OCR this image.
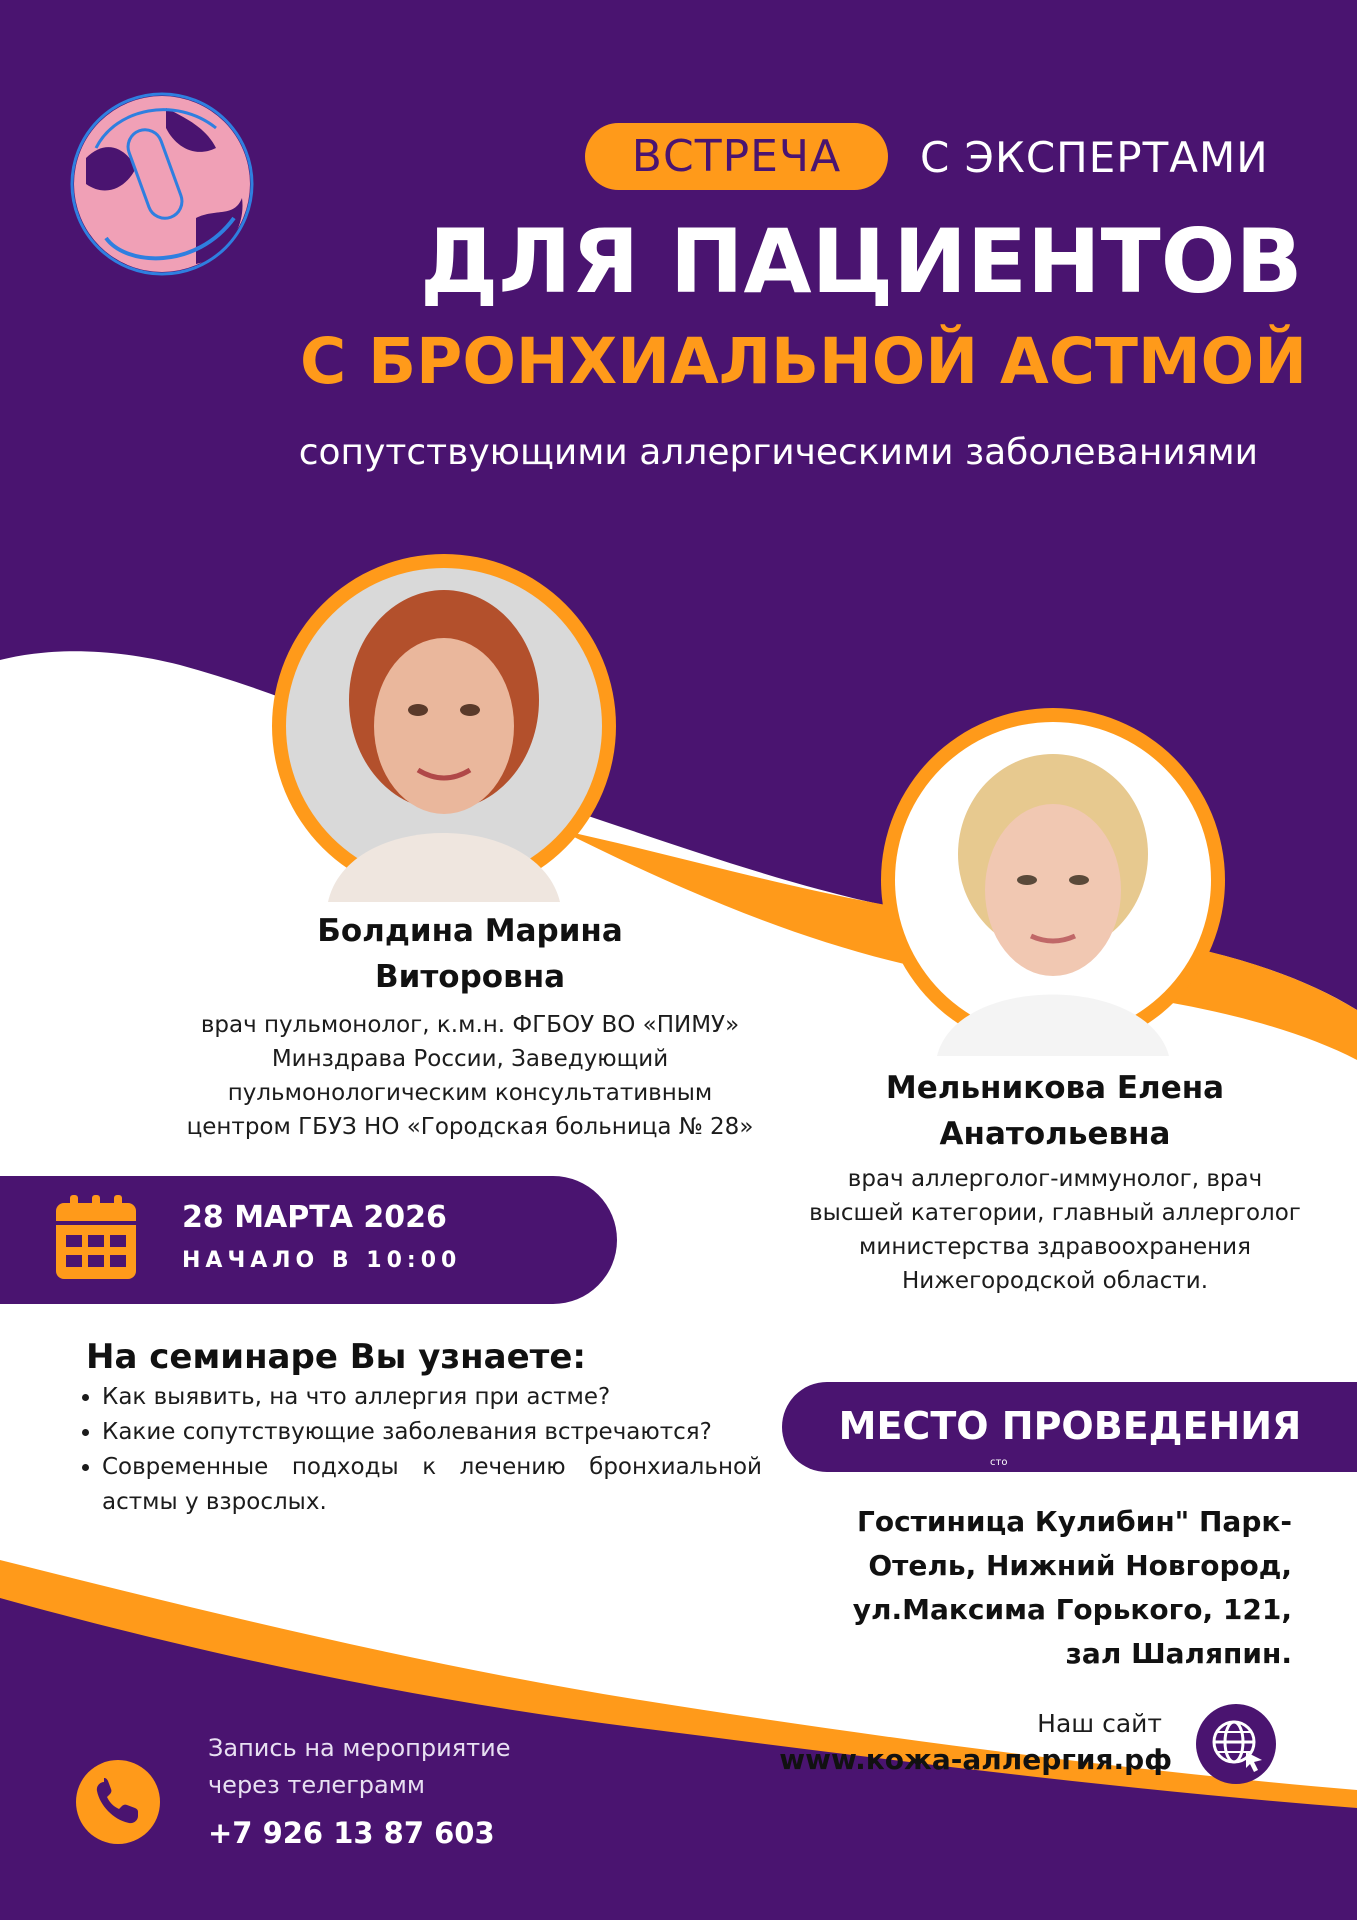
ВСТРЕЧА	С ЭКСПЕРТАМИ
ДЛЯ ПАЦИЕНТОВ
С БРОНХИАЛЬНОЙ АСТМОЙ
сопутствующими аллергическими заболеваниями
Болдина Марина
Виторовна
врач пульмонолог, к.м.н. ФГБОУ ВО «ПИМУ»
Минздрава России, Заведующий
пульмонологическим консультативным
центром ГБУЗ НО «Городская больница № 28»
Мельникова Елена
Анатольевна
врач аллерголог-иммунолог, врач
высшей категории, главный аллерголог
министерства здравоохранения
Нижегородской области.
28 МАРТА 2026
НАЧАЛО В 10:00
На семинаре Вы узнаете:
• Как выявить, на что аллергия при астме?
• Какие сопутствующие заболевания встречаются?
• Современные подходы к лечению бронхиальной астмы у взрослых.
МЕСТО ПРОВЕДЕНИЯ
сто
Гостиница Кулибин" Парк-
Отель, Нижний Новгород,
ул.Максима Горького, 121,
зал Шаляпин.
Наш сайт
www.кожа-аллергия.рф
Запись на мероприятие
через телеграмм
+7 926 13 87 603
